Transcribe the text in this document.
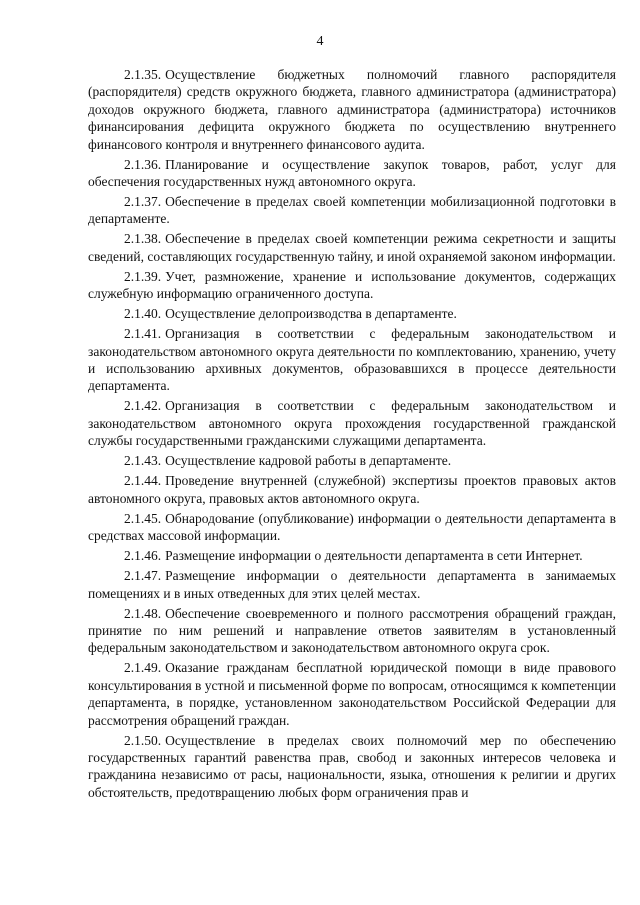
4

2.1.35. Осуществление бюджетных полномочий главного распорядителя (распорядителя) средств окружного бюджета, главного администратора (администратора) доходов окружного бюджета, главного администратора (администратора) источников финансирования дефицита окружного бюджета по осуществлению внутреннего финансового контроля и внутреннего финансового аудита.

2.1.36. Планирование и осуществление закупок товаров, работ, услуг для обеспечения государственных нужд автономного округа.

2.1.37. Обеспечение в пределах своей компетенции мобилизационной подготовки в департаменте.

2.1.38. Обеспечение в пределах своей компетенции режима секретности и защиты сведений, составляющих государственную тайну, и иной охраняемой законом информации.

2.1.39. Учет, размножение, хранение и использование документов, содержащих служебную информацию ограниченного доступа.

2.1.40. Осуществление делопроизводства в департаменте.

2.1.41. Организация в соответствии с федеральным законодательством и законодательством автономного округа деятельности по комплектованию, хранению, учету и использованию архивных документов, образовавшихся в процессе деятельности департамента.

2.1.42. Организация в соответствии с федеральным законодательством и законодательством автономного округа прохождения государственной гражданской службы государственными гражданскими служащими департамента.

2.1.43. Осуществление кадровой работы в департаменте.

2.1.44. Проведение внутренней (служебной) экспертизы проектов правовых актов автономного округа, правовых актов автономного округа.

2.1.45. Обнародование (опубликование) информации о деятельности департамента в средствах массовой информации.

2.1.46. Размещение информации о деятельности департамента в сети Интернет.

2.1.47. Размещение информации о деятельности департамента в занимаемых помещениях и в иных отведенных для этих целей местах.

2.1.48. Обеспечение своевременного и полного рассмотрения обращений граждан, принятие по ним решений и направление ответов заявителям в установленный федеральным законодательством и законодательством автономного округа срок.

2.1.49. Оказание гражданам бесплатной юридической помощи в виде правового консультирования в устной и письменной форме по вопросам, относящимся к компетенции департамента, в порядке, установленном законодательством Российской Федерации для рассмотрения обращений граждан.

2.1.50. Осуществление в пределах своих полномочий мер по обеспечению государственных гарантий равенства прав, свобод и законных интересов человека и гражданина независимо от расы, национальности, языка, отношения к религии и других обстоятельств, предотвращению любых форм ограничения прав и
